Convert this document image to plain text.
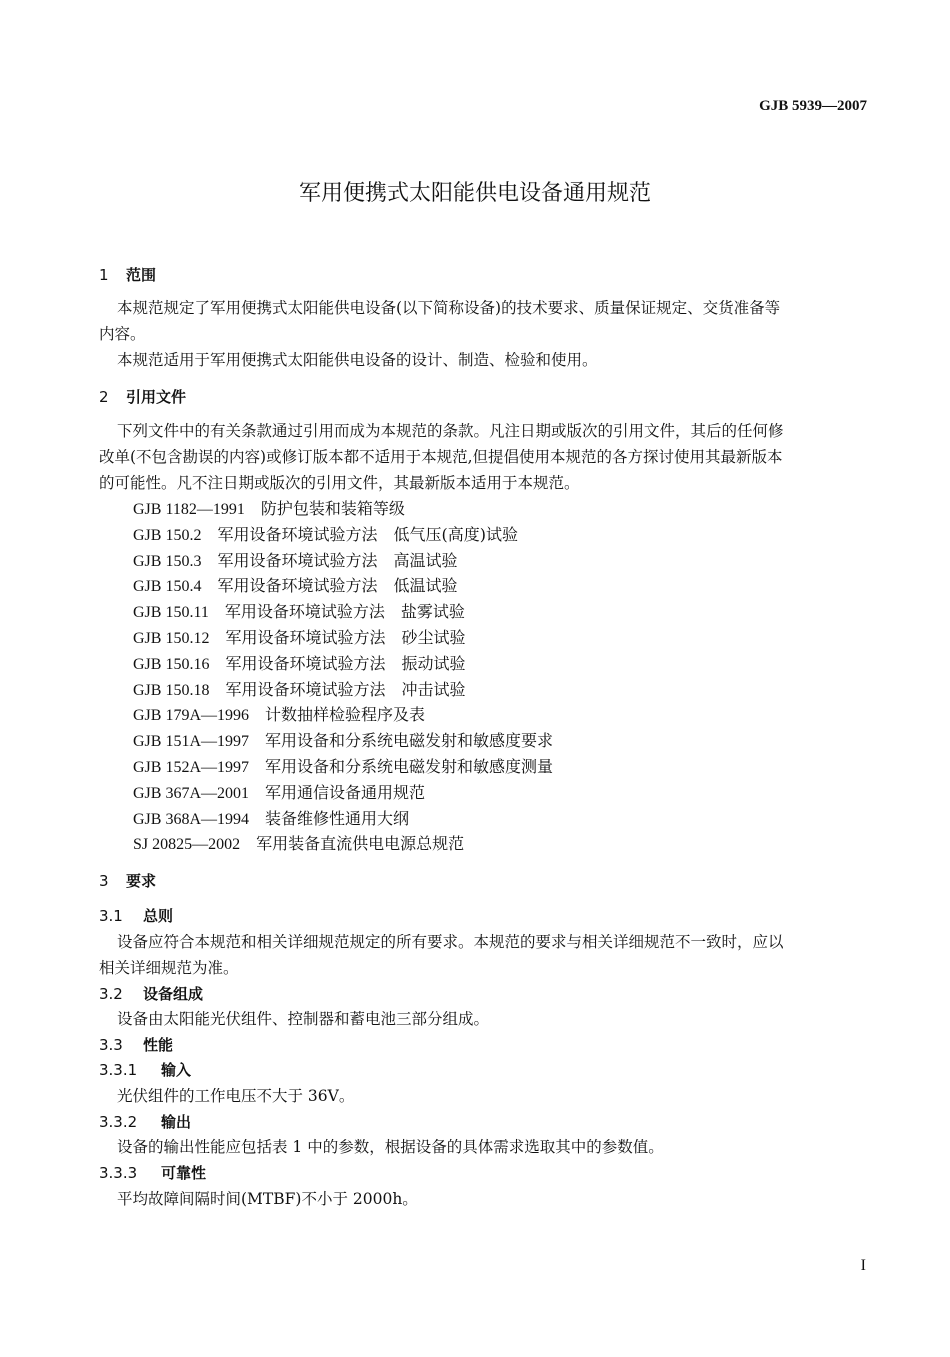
GJB 5939—2007
军用便携式太阳能供电设备通用规范
1 范围
本规范规定了军用便携式太阳能供电设备(以下简称设备)的技术要求、质量保证规定、交货准备等
内容。
本规范适用于军用便携式太阳能供电设备的设计、制造、检验和使用。
2 引用文件
下列文件中的有关条款通过引用而成为本规范的条款。凡注日期或版次的引用文件，其后的任何修
改单(不包含勘误的内容)或修订版本都不适用于本规范,但提倡使用本规范的各方探讨使用其最新版本
的可能性。凡不注日期或版次的引用文件，其最新版本适用于本规范。
GJB 1182—1991 防护包装和装箱等级
GJB 150.2 军用设备环境试验方法　低气压(高度)试验
GJB 150.3 军用设备环境试验方法　高温试验
GJB 150.4 军用设备环境试验方法　低温试验
GJB 150.11 军用设备环境试验方法　盐雾试验
GJB 150.12 军用设备环境试验方法　砂尘试验
GJB 150.16 军用设备环境试验方法　振动试验
GJB 150.18 军用设备环境试验方法　冲击试验
GJB 179A—1996 计数抽样检验程序及表
GJB 151A—1997 军用设备和分系统电磁发射和敏感度要求
GJB 152A—1997 军用设备和分系统电磁发射和敏感度测量
GJB 367A—2001 军用通信设备通用规范
GJB 368A—1994 装备维修性通用大纲
SJ 20825—2002 军用装备直流供电电源总规范
3 要求
3.1 总则
设备应符合本规范和相关详细规范规定的所有要求。本规范的要求与相关详细规范不一致时，应以
相关详细规范为准。
3.2 设备组成
设备由太阳能光伏组件、控制器和蓄电池三部分组成。
3.3 性能
3.3.1 输入
光伏组件的工作电压不大于 36V。
3.3.2 输出
设备的输出性能应包括表 1 中的参数，根据设备的具体需求选取其中的参数值。
3.3.3 可靠性
平均故障间隔时间(MTBF)不小于 2000h。
I
